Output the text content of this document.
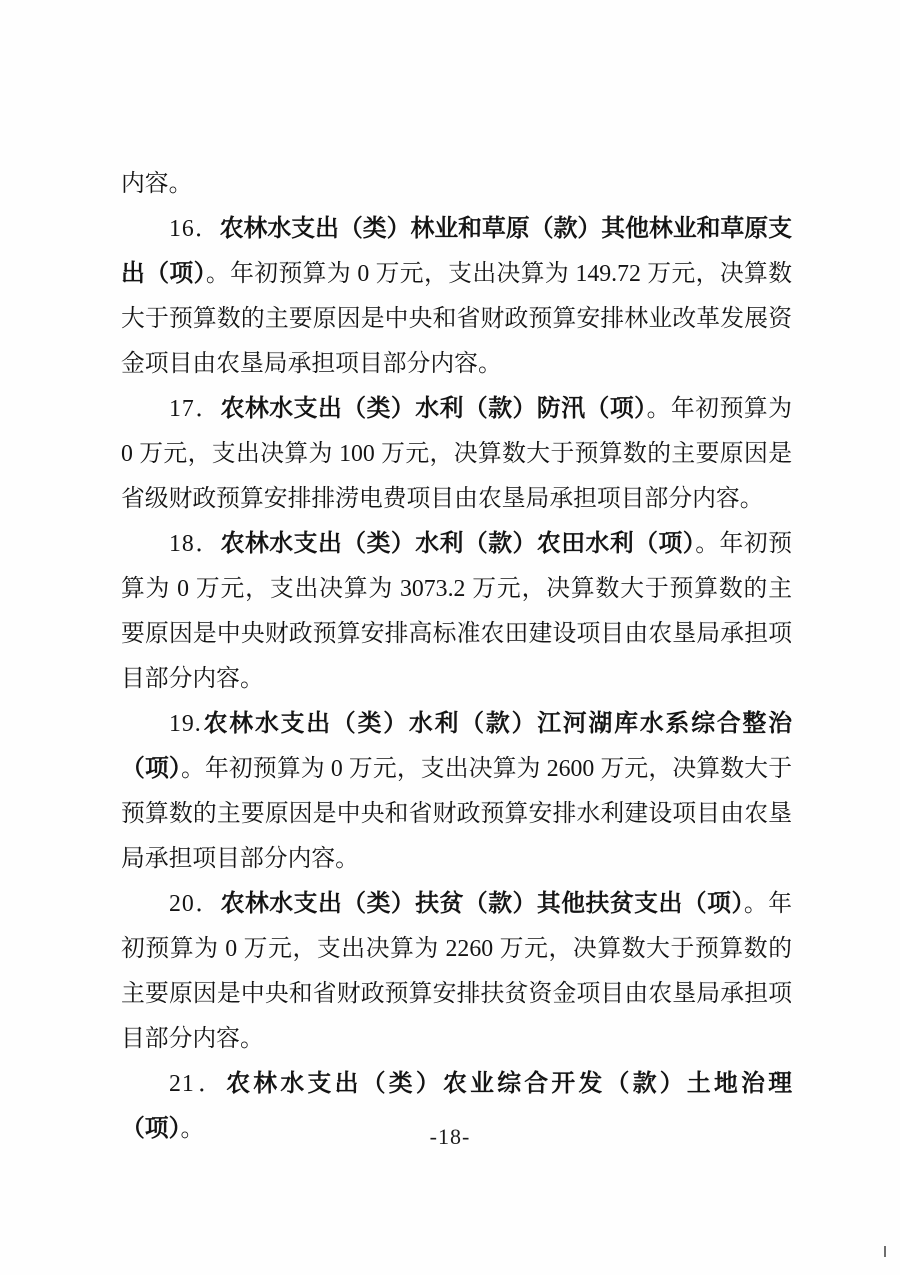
内容。

16．农林水支出（类）林业和草原（款）其他林业和草原支出（项）。年初预算为 0 万元，支出决算为 149.72 万元，决算数大于预算数的主要原因是中央和省财政预算安排林业改革发展资金项目由农垦局承担项目部分内容。

17．农林水支出（类）水利（款）防汛（项）。年初预算为 0 万元，支出决算为 100 万元，决算数大于预算数的主要原因是省级财政预算安排排涝电费项目由农垦局承担项目部分内容。

18．农林水支出（类）水利（款）农田水利（项）。年初预算为 0 万元，支出决算为 3073.2 万元，决算数大于预算数的主要原因是中央财政预算安排高标准农田建设项目由农垦局承担项目部分内容。

19.农林水支出（类）水利（款）江河湖库水系综合整治（项）。年初预算为 0 万元，支出决算为 2600 万元，决算数大于预算数的主要原因是中央和省财政预算安排水利建设项目由农垦局承担项目部分内容。

20．农林水支出（类）扶贫（款）其他扶贫支出（项）。年初预算为 0 万元，支出决算为 2260 万元，决算数大于预算数的主要原因是中央和省财政预算安排扶贫资金项目由农垦局承担项目部分内容。

21．农林水支出（类）农业综合开发（款）土地治理（项）。	-18-
